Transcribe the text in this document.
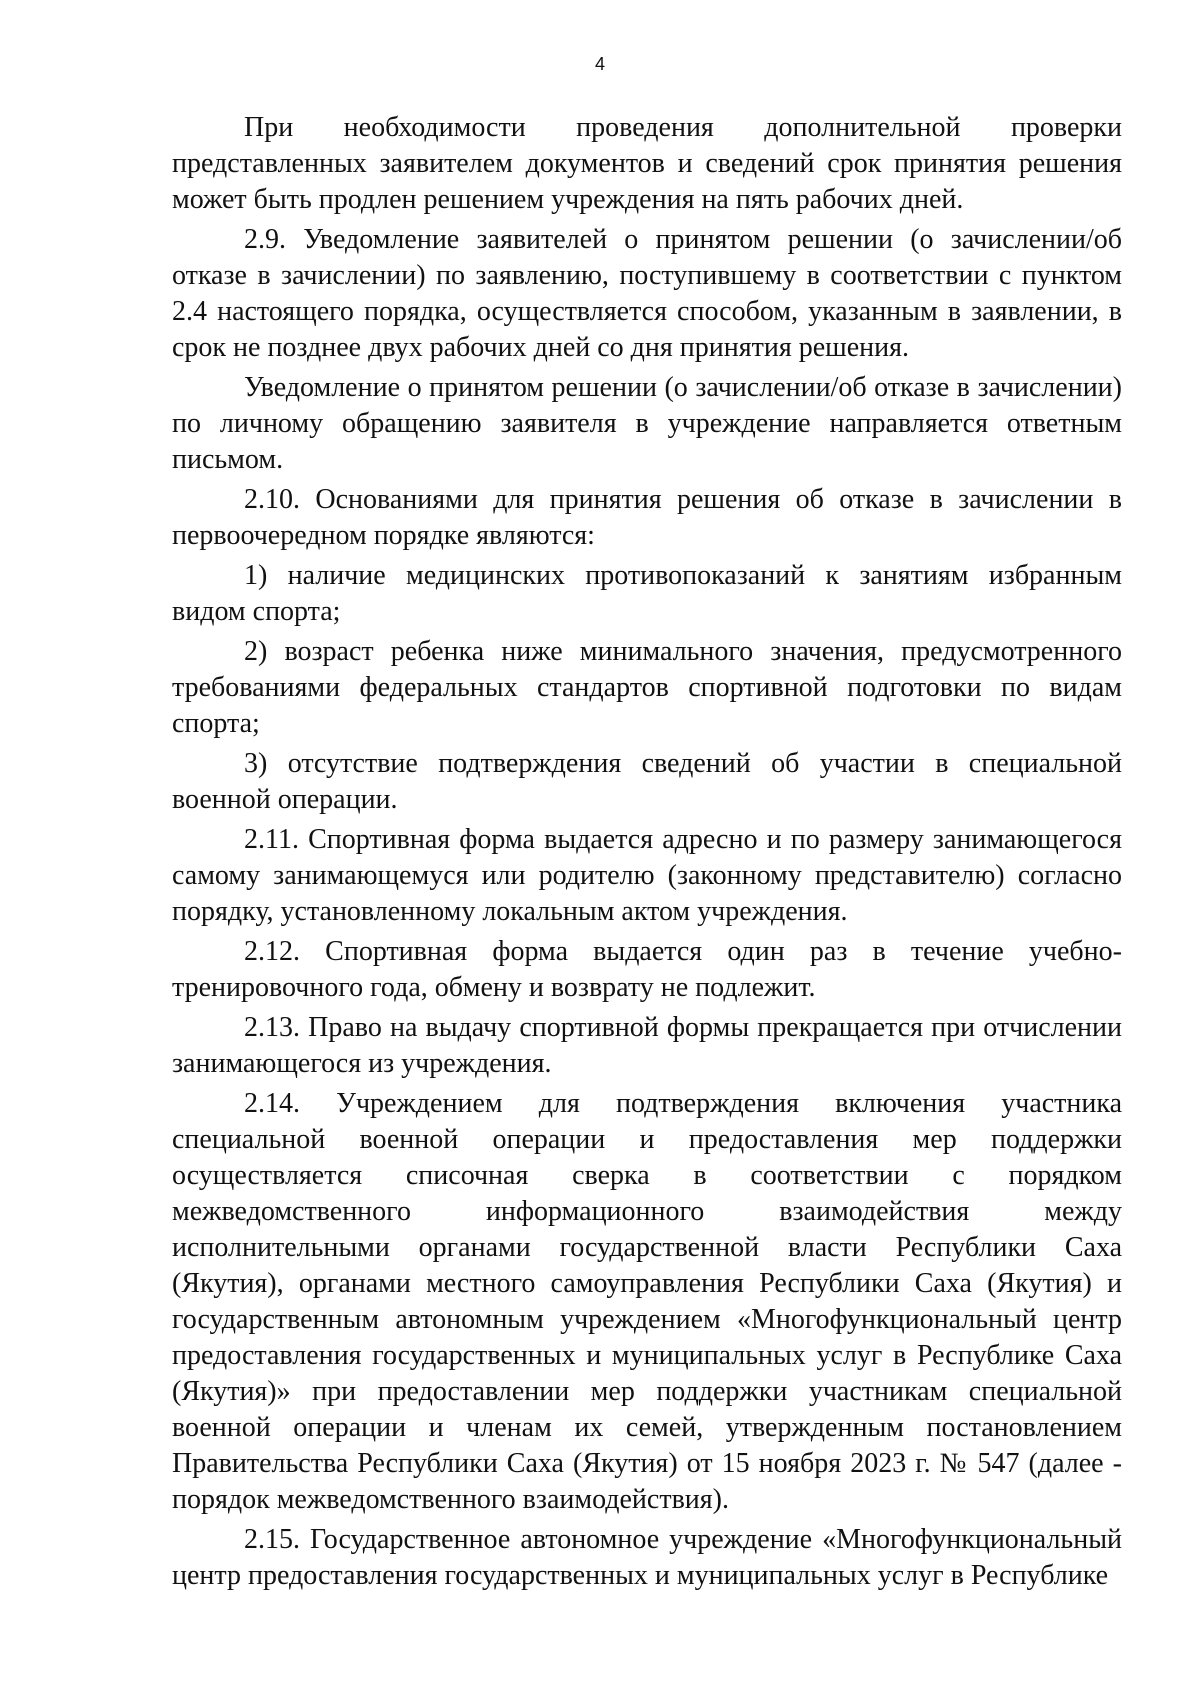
4

При необходимости проведения дополнительной проверки представленных заявителем документов и сведений срок принятия решения может быть продлен решением учреждения на пять рабочих дней.

2.9. Уведомление заявителей о принятом решении (о зачислении/об отказе в зачислении) по заявлению, поступившему в соответствии с пунктом 2.4 настоящего порядка, осуществляется способом, указанным в заявлении, в срок не позднее двух рабочих дней со дня принятия решения.

Уведомление о принятом решении (о зачислении/об отказе в зачислении) по личному обращению заявителя в учреждение направляется ответным письмом.

2.10. Основаниями для принятия решения об отказе в зачислении в первоочередном порядке являются:

1) наличие медицинских противопоказаний к занятиям избранным видом спорта;

2) возраст ребенка ниже минимального значения, предусмотренного требованиями федеральных стандартов спортивной подготовки по видам спорта;

3) отсутствие подтверждения сведений об участии в специальной военной операции.

2.11. Спортивная форма выдается адресно и по размеру занимающегося самому занимающемуся или родителю (законному представителю) согласно порядку, установленному локальным актом учреждения.

2.12. Спортивная форма выдается один раз в течение учебно-тренировочного года, обмену и возврату не подлежит.

2.13. Право на выдачу спортивной формы прекращается при отчислении занимающегося из учреждения.

2.14. Учреждением для подтверждения включения участника специальной военной операции и предоставления мер поддержки осуществляется списочная сверка в соответствии с порядком межведомственного информационного взаимодействия между исполнительными органами государственной власти Республики Саха (Якутия), органами местного самоуправления Республики Саха (Якутия) и государственным автономным учреждением «Многофункциональный центр предоставления государственных и муниципальных услуг в Республике Саха (Якутия)» при предоставлении мер поддержки участникам специальной военной операции и членам их семей, утвержденным постановлением Правительства Республики Саха (Якутия) от 15 ноября 2023 г. № 547 (далее - порядок межведомственного взаимодействия).

2.15. Государственное автономное учреждение «Многофункциональный центр предоставления государственных и муниципальных услуг в Республике
